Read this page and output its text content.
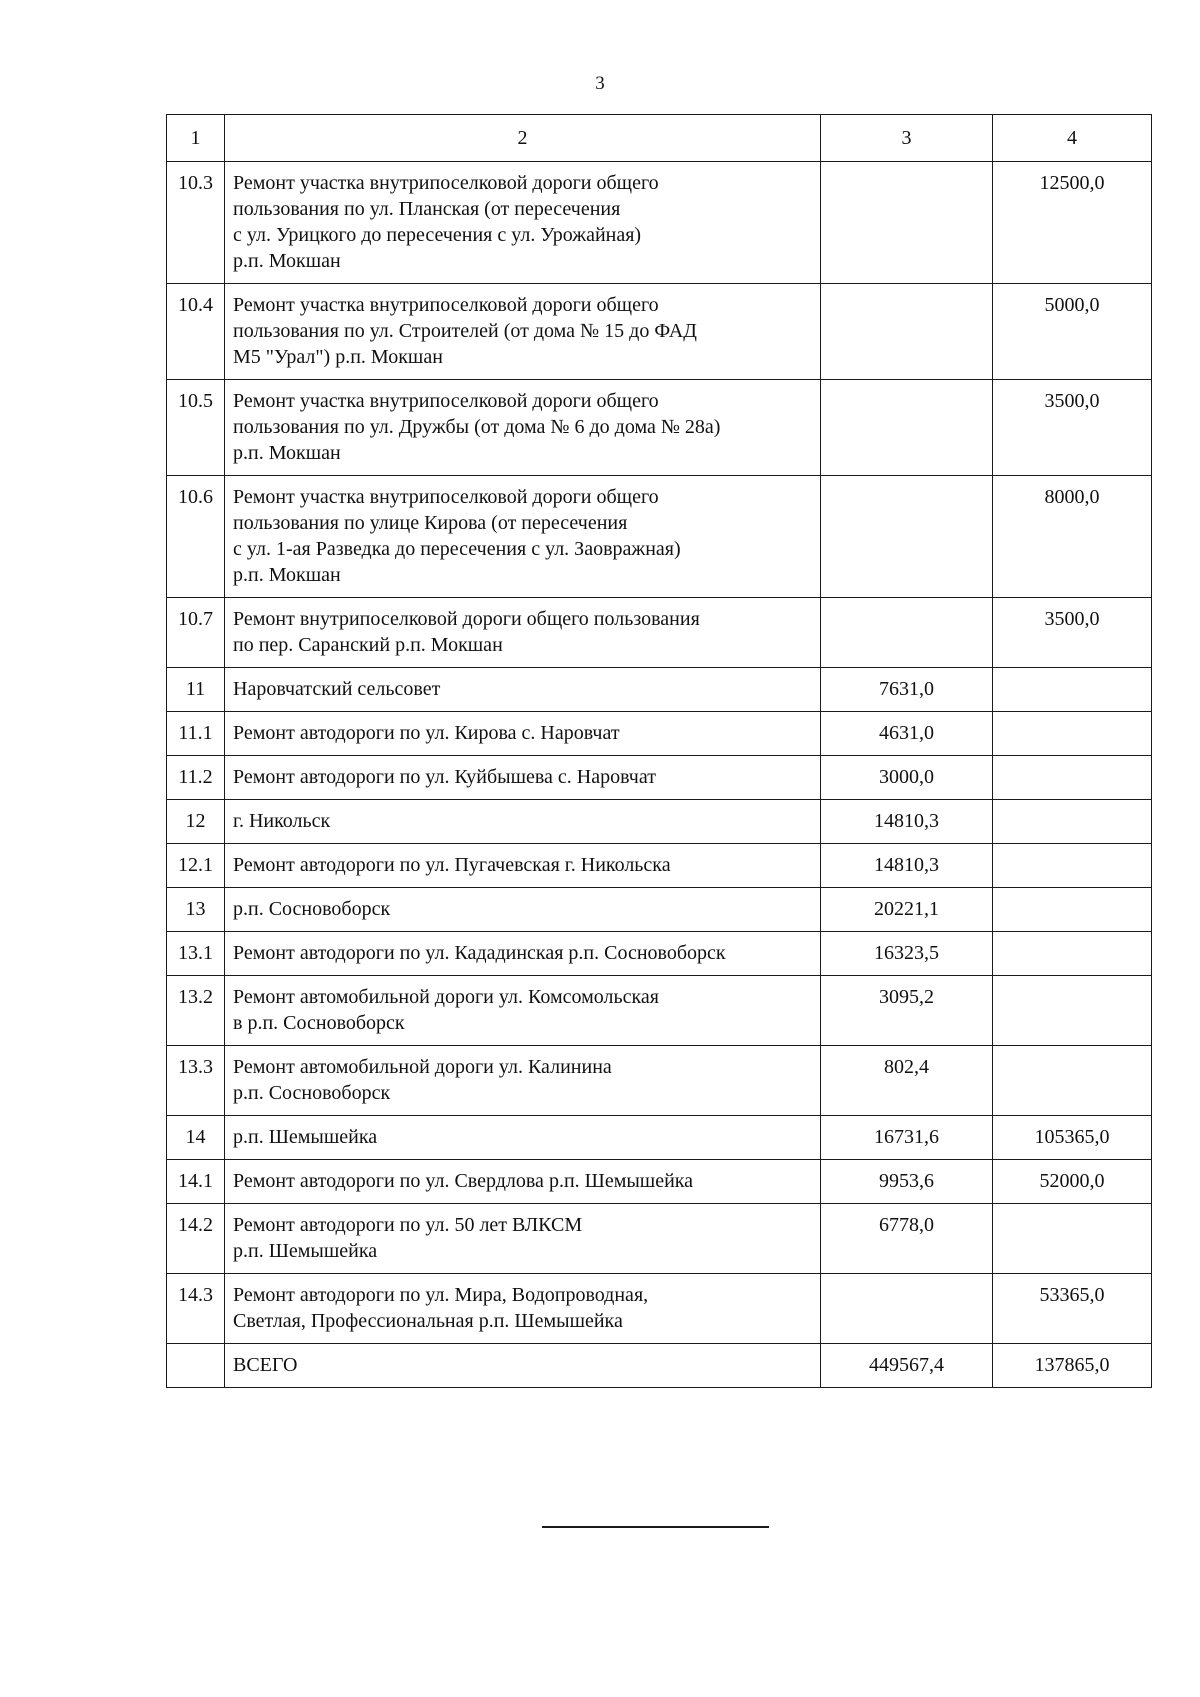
3
1	2	3	4
10.3	Ремонт участка внутрипоселковой дороги общего
пользования по ул. Планская (от пересечения
с ул. Урицкого до пересечения с ул. Урожайная)
р.п. Мокшан		12500,0
10.4	Ремонт участка внутрипоселковой дороги общего
пользования по ул. Строителей (от дома № 15 до ФАД
М5 "Урал") р.п. Мокшан		5000,0
10.5	Ремонт участка внутрипоселковой дороги общего
пользования по ул. Дружбы (от дома № 6 до дома № 28а)
р.п. Мокшан		3500,0
10.6	Ремонт участка внутрипоселковой дороги общего
пользования по улице Кирова (от пересечения
с ул. 1-ая Разведка до пересечения с ул. Заовражная)
р.п. Мокшан		8000,0
10.7	Ремонт внутрипоселковой дороги общего пользования
по пер. Саранский р.п. Мокшан		3500,0
11	Наровчатский сельсовет	7631,0	
11.1	Ремонт автодороги по ул. Кирова с. Наровчат	4631,0	
11.2	Ремонт автодороги по ул. Куйбышева с. Наровчат	3000,0	
12	г. Никольск	14810,3	
12.1	Ремонт автодороги по ул. Пугачевская г. Никольска	14810,3	
13	р.п. Сосновоборск	20221,1	
13.1	Ремонт автодороги по ул. Кададинская р.п. Сосновоборск	16323,5	
13.2	Ремонт автомобильной дороги ул. Комсомольская
в р.п. Сосновоборск	3095,2	
13.3	Ремонт автомобильной дороги ул. Калинина
р.п. Сосновоборск	802,4	
14	р.п. Шемышейка	16731,6	105365,0
14.1	Ремонт автодороги по ул. Свердлова р.п. Шемышейка	9953,6	52000,0
14.2	Ремонт автодороги по ул. 50 лет ВЛКСМ
р.п. Шемышейка	6778,0	
14.3	Ремонт автодороги по ул. Мира, Водопроводная,
Светлая, Профессиональная р.п. Шемышейка		53365,0

	ВСЕГО	449567,4	137865,0
